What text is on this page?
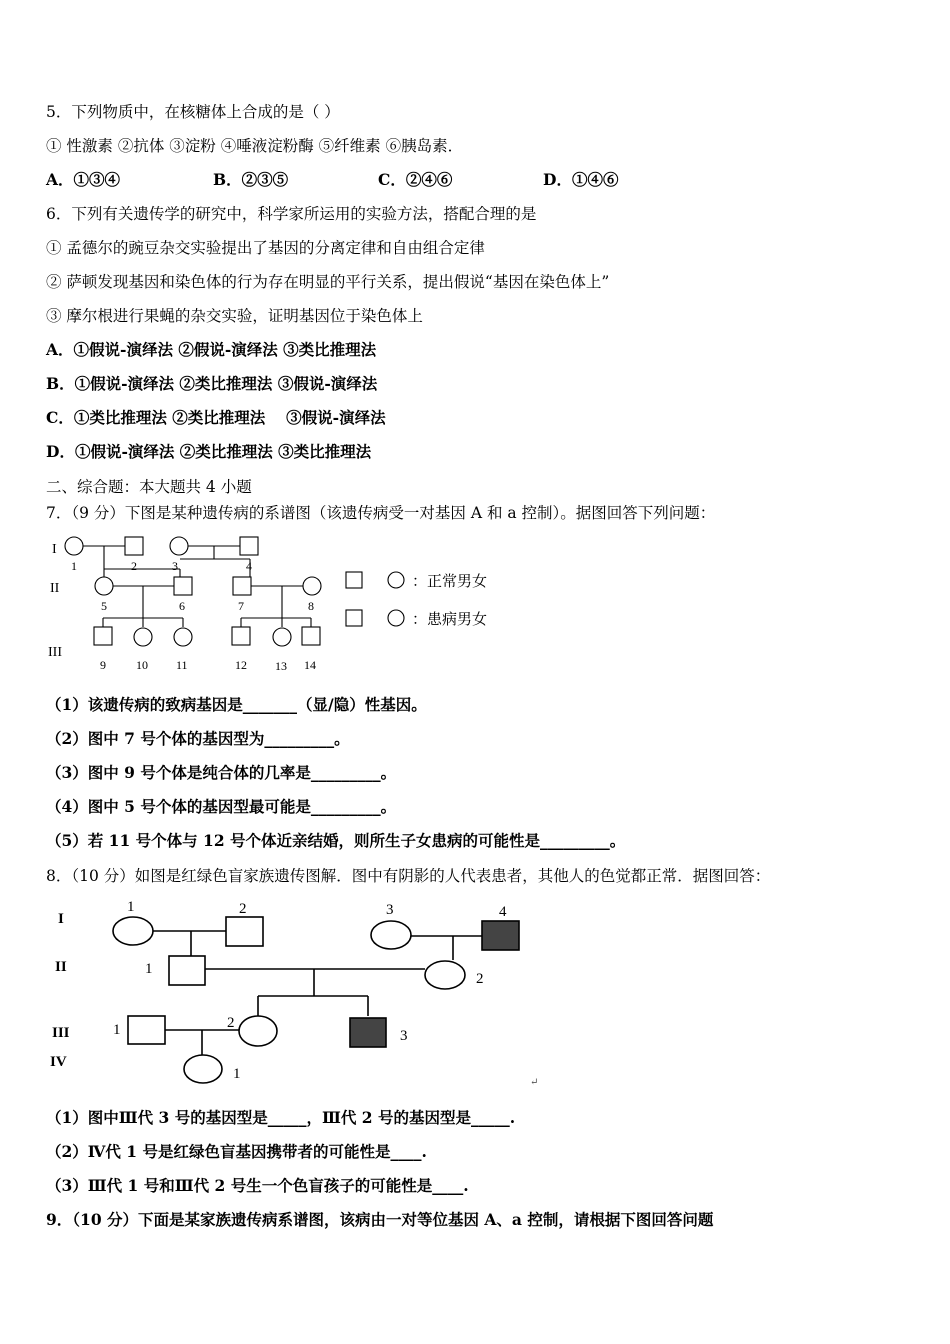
5．下列物质中，在核糖体上合成的是（ ）
① 性激素 ②抗体 ③淀粉 ④唾液淀粉酶 ⑤纤维素 ⑥胰岛素．
A．①③④	B．②③⑤	C．②④⑥	D．①④⑥
6．下列有关遗传学的研究中，科学家所运用的实验方法，搭配合理的是
① 孟德尔的豌豆杂交实验提出了基因的分离定律和自由组合定律
② 萨顿发现基因和染色体的行为存在明显的平行关系，提出假说“基因在染色体上”
③ 摩尔根进行果蝇的杂交实验，证明基因位于染色体上
A．①假说-演绎法 ②假说-演绎法 ③类比推理法
B．①假说-演绎法 ②类比推理法 ③假说-演绎法
C．①类比推理法 ②类比推理法　 ③假说-演绎法
D．①假说-演绎法 ②类比推理法 ③类比推理法
二、综合题：本大题共 4 小题
7．（9 分）下图是某种遗传病的系谱图（该遗传病受一对基因 A 和 a 控制）。据图回答下列问题：
I
II
III
1	2	3	4
5	6	7	8
9	10 11	12 13 14
：正常男女
：患病男女
（1）该遗传病的致病基因是_______（显/隐）性基因。
（2）图中 7 号个体的基因型为_________。
（3）图中 9 号个体是纯合体的几率是_________。
（4）图中 5 号个体的基因型最可能是_________。
（5）若 11 号个体与 12 号个体近亲结婚，则所生子女患病的可能性是_________。
8．（10 分）如图是红绿色盲家族遗传图解．图中有阴影的人代表患者，其他人的色觉都正常．据图回答：
I
II
III
IV
1	2	3	4
1
2
1	2
3
1
↵
（1）图中Ⅲ代 3 号的基因型是_____，Ⅲ代 2 号的基因型是_____.
（2）Ⅳ代 1 号是红绿色盲基因携带者的可能性是____.
（3）Ⅲ代 1 号和Ⅲ代 2 号生一个色盲孩子的可能性是____.
9．（10 分）下面是某家族遗传病系谱图，该病由一对等位基因 A、a 控制，请根据下图回答问题
